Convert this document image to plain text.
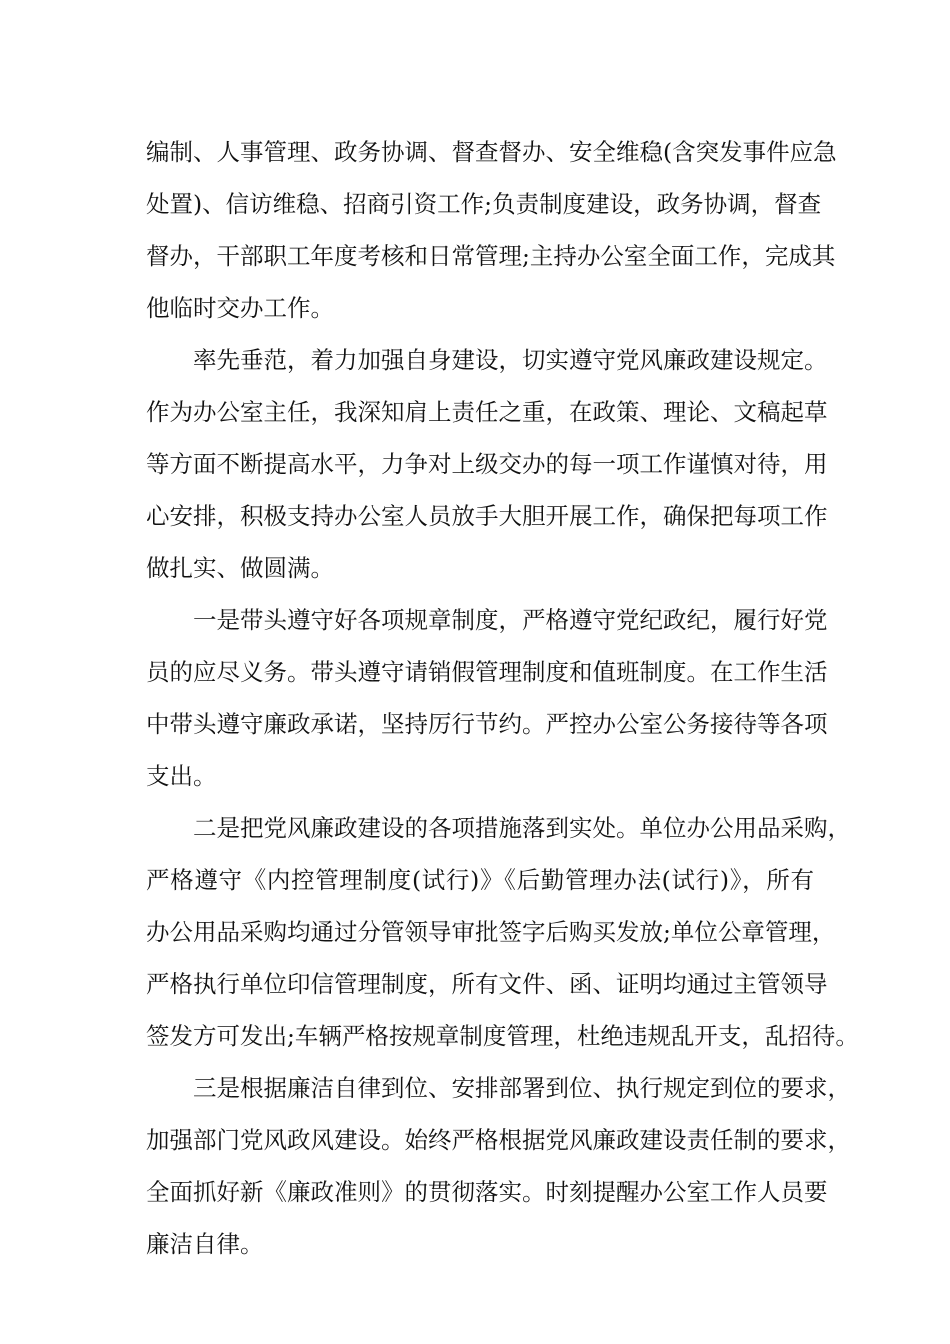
编制、人事管理、政务协调、督查督办、安全维稳(含突发事件应急
处置)、信访维稳、招商引资工作;负责制度建设，政务协调，督查
督办，干部职工年度考核和日常管理;主持办公室全面工作，完成其
他临时交办工作。
率先垂范，着力加强自身建设，切实遵守党风廉政建设规定。
作为办公室主任，我深知肩上责任之重，在政策、理论、文稿起草
等方面不断提高水平，力争对上级交办的每一项工作谨慎对待，用
心安排，积极支持办公室人员放手大胆开展工作，确保把每项工作
做扎实、做圆满。
一是带头遵守好各项规章制度，严格遵守党纪政纪，履行好党
员的应尽义务。带头遵守请销假管理制度和值班制度。在工作生活
中带头遵守廉政承诺，坚持厉行节约。严控办公室公务接待等各项
支出。
二是把党风廉政建设的各项措施落到实处。单位办公用品采购，
严格遵守《内控管理制度(试行)》《后勤管理办法(试行)》，所有
办公用品采购均通过分管领导审批签字后购买发放;单位公章管理，
严格执行单位印信管理制度，所有文件、函、证明均通过主管领导
签发方可发出;车辆严格按规章制度管理，杜绝违规乱开支，乱招待。
三是根据廉洁自律到位、安排部署到位、执行规定到位的要求，
加强部门党风政风建设。始终严格根据党风廉政建设责任制的要求，
全面抓好新《廉政准则》的贯彻落实。时刻提醒办公室工作人员要
廉洁自律。
